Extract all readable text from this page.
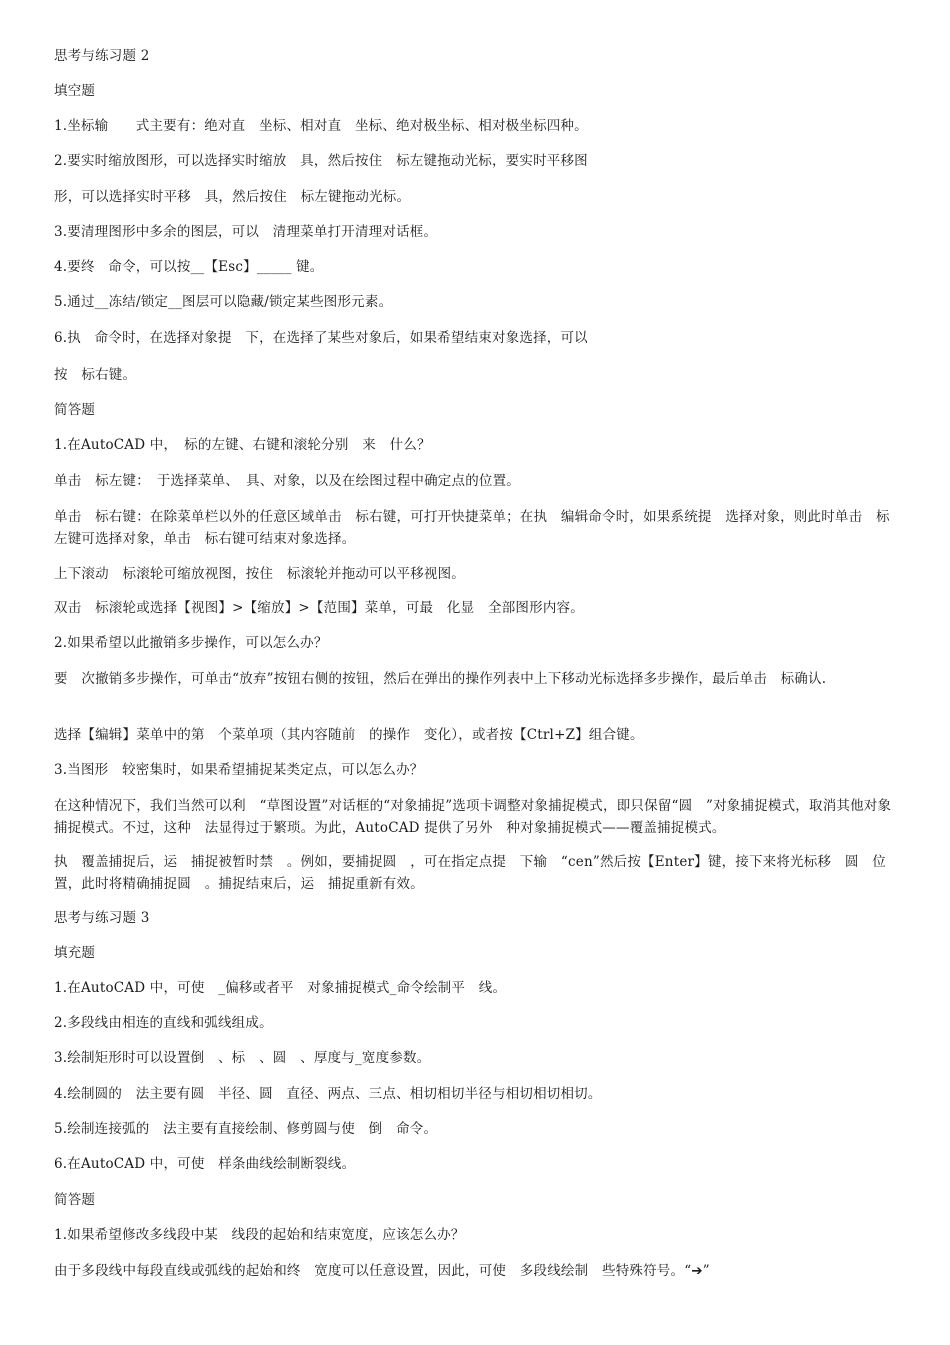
思考与练习题 2
填空题
1.坐标输　　式主要有：绝对直　坐标、相对直　坐标、绝对极坐标、相对极坐标四种。
2.要实时缩放图形，可以选择实时缩放　具，然后按住　标左键拖动光标，要实时平移图
形，可以选择实时平移　具，然后按住　标左键拖动光标。
3.要清理图形中多余的图层，可以　清理菜单打开清理对话框。
4.要终　命令，可以按__【Esc】_____ 键。
5.通过__冻结/锁定__图层可以隐藏/锁定某些图形元素。
6.执　命令时，在选择对象提　下，在选择了某些对象后，如果希望结束对象选择，可以
按　标右键。
简答题
1.在AutoCAD 中，　标的左键、右键和滚轮分别　来　什么？
单击　标左键：　于选择菜单、　具、对象，以及在绘图过程中确定点的位置。
单击　标右键：在除菜单栏以外的任意区域单击　标右键，可打开快捷菜单；在执　编辑命令时，如果系统提　选择对象，则此时单击　标左键可选择对象，单击　标右键可结束对象选择。
上下滚动　标滚轮可缩放视图，按住　标滚轮并拖动可以平移视图。
双击　标滚轮或选择【视图】>【缩放】>【范围】菜单，可最　化显　全部图形内容。
2.如果希望以此撤销多步操作，可以怎么办？
要　次撤销多步操作，可单击“放弃”按钮右侧的按钮，然后在弹出的操作列表中上下移动光标选择多步操作，最后单击　标确认.
选择【编辑】菜单中的第　个菜单项（其内容随前　的操作　变化），或者按【Ctrl+Z】组合键。
3.当图形　较密集时，如果希望捕捉某类定点，可以怎么办？
在这种情况下，我们当然可以利　“草图设置”对话框的“对象捕捉”选项卡调整对象捕捉模式，即只保留“圆　”对象捕捉模式，取消其他对象捕捉模式。不过，这种　法显得过于繁琐。为此，AutoCAD 提供了另外　种对象捕捉模式——覆盖捕捉模式。
执　覆盖捕捉后，运　捕捉被暂时禁　。例如，要捕捉圆　，可在指定点提　下输　“cen”然后按【Enter】键，接下来将光标移　圆　位置，此时将精确捕捉圆　。捕捉结束后，运　捕捉重新有效。
思考与练习题 3
填充题
1.在AutoCAD 中，可使　_偏移或者平　对象捕捉模式_命令绘制平　线。
2.多段线由相连的直线和弧线组成。
3.绘制矩形时可以设置倒　、标　、圆　、厚度与_宽度参数。
4.绘制圆的　法主要有圆　半径、圆　直径、两点、三点、相切相切半径与相切相切相切。
5.绘制连接弧的　法主要有直接绘制、修剪圆与使　倒　命令。
6.在AutoCAD 中，可使　样条曲线绘制断裂线。
简答题
1.如果希望修改多线段中某　线段的起始和结束宽度，应该怎么办？
由于多段线中每段直线或弧线的起始和终　宽度可以任意设置，因此，可使　多段线绘制　些特殊符号。“➔”
